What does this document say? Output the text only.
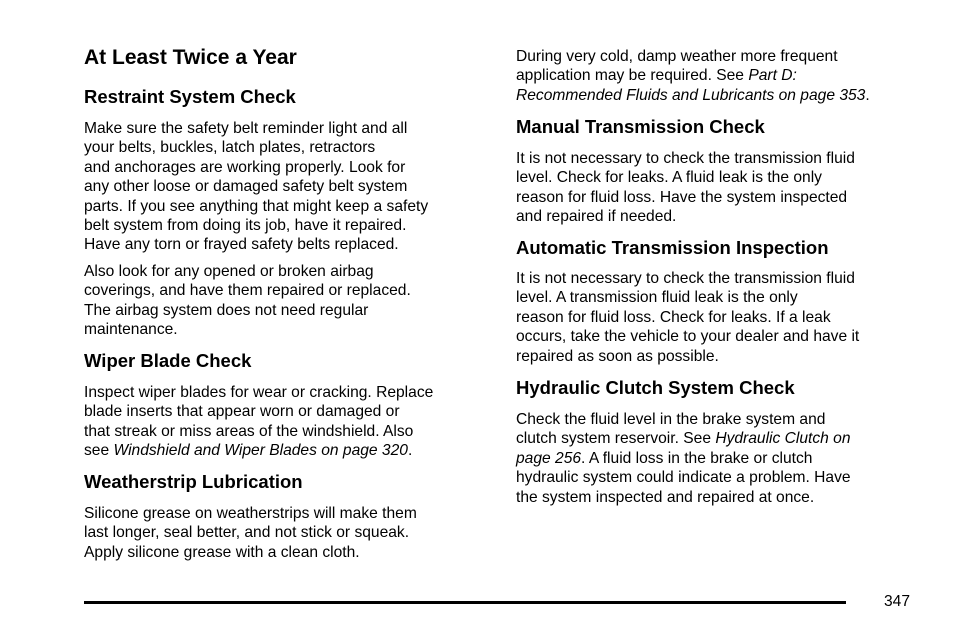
At Least Twice a Year
Restraint System Check

Make sure the safety belt reminder light and all
your belts, buckles, latch plates, retractors
and anchorages are working properly. Look for
any other loose or damaged safety belt system
parts. If you see anything that might keep a safety
belt system from doing its job, have it repaired.
Have any torn or frayed safety belts replaced.

Also look for any opened or broken airbag
coverings, and have them repaired or replaced.
The airbag system does not need regular
maintenance.

Wiper Blade Check

Inspect wiper blades for wear or cracking. Replace
blade inserts that appear worn or damaged or
that streak or miss areas of the windshield. Also
see Windshield and Wiper Blades on page 320.

Weatherstrip Lubrication

Silicone grease on weatherstrips will make them
last longer, seal better, and not stick or squeak.
Apply silicone grease with a clean cloth.

During very cold, damp weather more frequent
application may be required. See Part D:
Recommended Fluids and Lubricants on page 353.

Manual Transmission Check

It is not necessary to check the transmission fluid
level. Check for leaks. A fluid leak is the only
reason for fluid loss. Have the system inspected
and repaired if needed.

Automatic Transmission Inspection

It is not necessary to check the transmission fluid
level. A transmission fluid leak is the only
reason for fluid loss. Check for leaks. If a leak
occurs, take the vehicle to your dealer and have it
repaired as soon as possible.

Hydraulic Clutch System Check

Check the fluid level in the brake system and
clutch system reservoir. See Hydraulic Clutch on
page 256. A fluid loss in the brake or clutch
hydraulic system could indicate a problem. Have
the system inspected and repaired at once.

347
